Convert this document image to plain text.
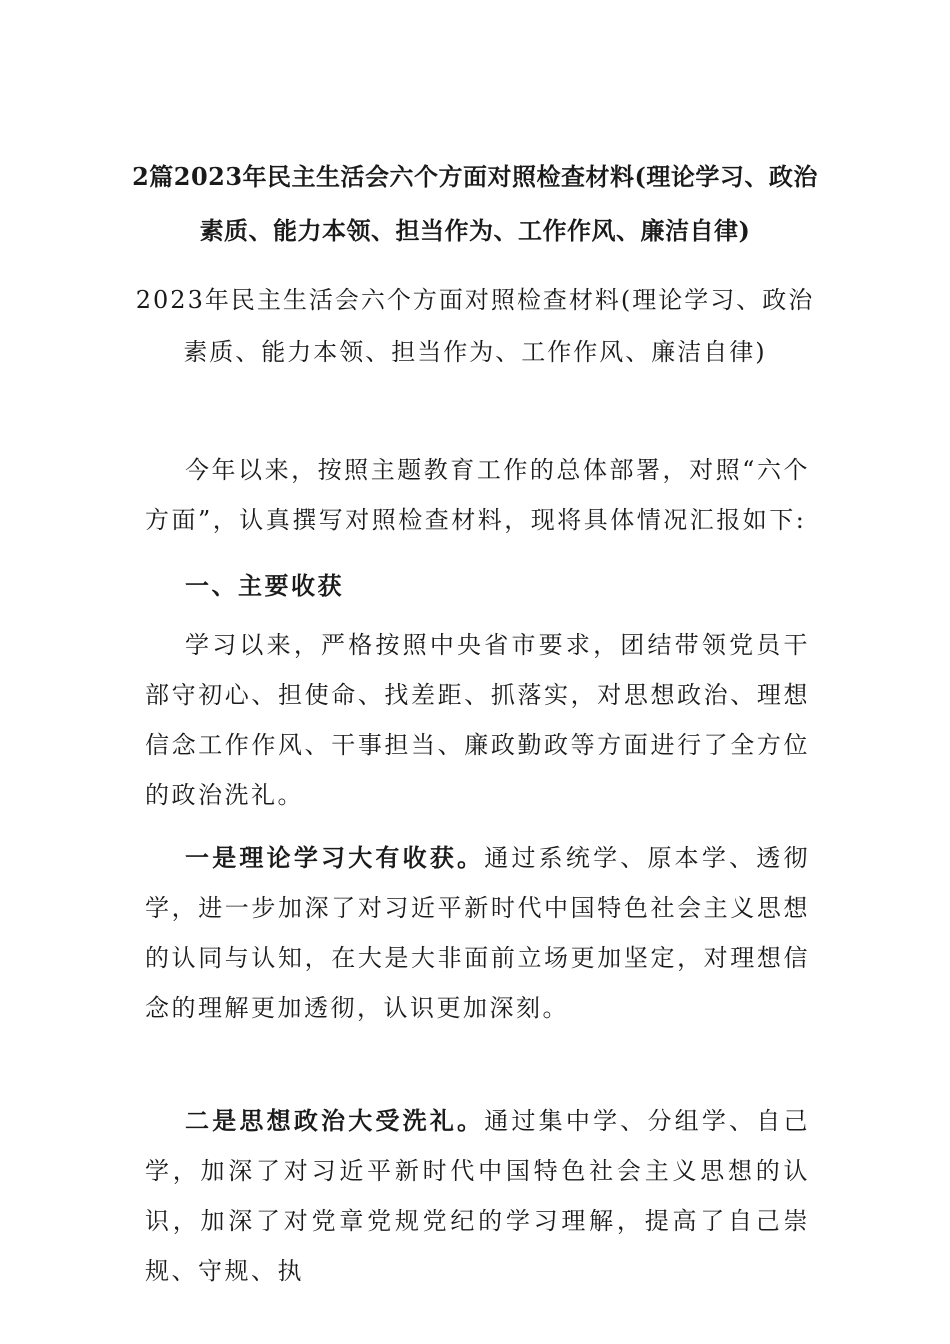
2篇2023年民主生活会六个方面对照检查材料(理论学习、政治素质、能力本领、担当作为、工作作风、廉洁自律)
2023年民主生活会六个方面对照检查材料(理论学习、政治素质、能力本领、担当作为、工作作风、廉洁自律)

今年以来，按照主题教育工作的总体部署，对照“六个方面”，认真撰写对照检查材料，现将具体情况汇报如下:

一、主要收获

学习以来，严格按照中央省市要求，团结带领党员干部守初心、担使命、找差距、抓落实，对思想政治、理想信念工作作风、干事担当、廉政勤政等方面进行了全方位的政治洗礼。

一是理论学习大有收获。通过系统学、原本学、透彻学，进一步加深了对习近平新时代中国特色社会主义思想的认同与认知，在大是大非面前立场更加坚定，对理想信念的理解更加透彻，认识更加深刻。

二是思想政治大受洗礼。通过集中学、分组学、自己学，加深了对习近平新时代中国特色社会主义思想的认识，加深了对党章党规党纪的学习理解，提高了自己崇规、守规、执
